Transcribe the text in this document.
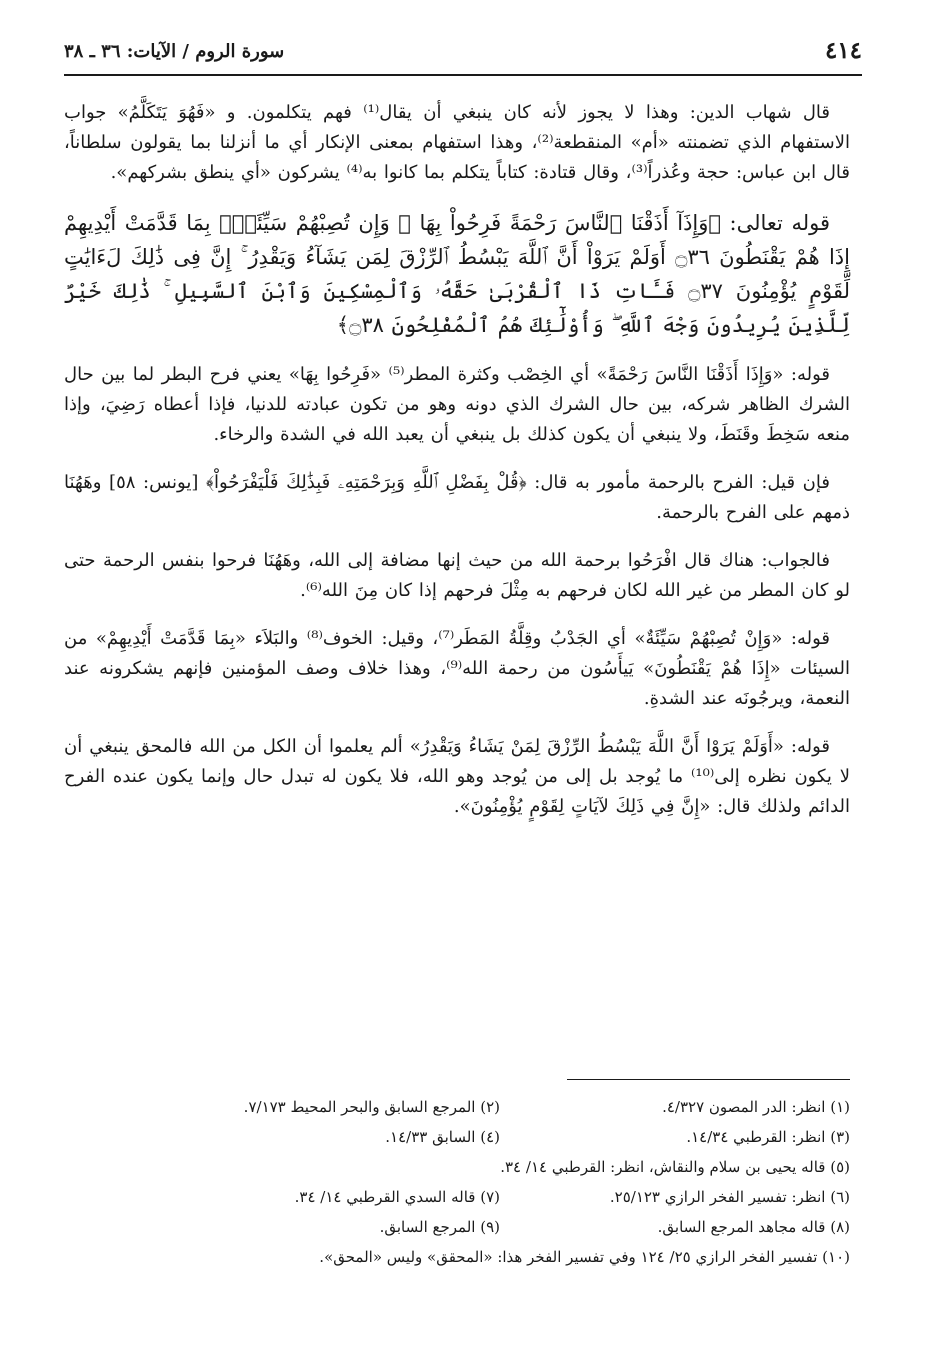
٤١٤
سورة الروم / الآيات: ٣٦ ـ ٣٨

قال شهاب الدين: وهذا لا يجوز لأنه كان ينبغي أن يقال⁽¹⁾ فهم يتكلمون. و «فَهُوَ يَتَكَلَّمُ» جواب الاستفهام الذي تضمنته «أم» المنقطعة⁽²⁾، وهذا استفهام بمعنى الإنكار أي ما أنزلنا بما يقولون سلطاناً، قال ابن عباس: حجة وعُذراً⁽³⁾، وقال قتادة: كتاباً يتكلم بما كانوا به⁽⁴⁾ يشركون «أي ينطق بشركهم».

قوله تعالى: ﴿وَإِذَآ أَذَقْنَا ٱلنَّاسَ رَحْمَةً فَرِحُواْ بِهَا ۖ وَإِن تُصِبْهُمْ سَيِّئَةٌۢ بِمَا قَدَّمَتْ أَيْدِيهِمْ إِذَا هُمْ يَقْنَطُونَ ۝٣٦ أَوَلَمْ يَرَوْاْ أَنَّ ٱللَّهَ يَبْسُطُ ٱلرِّزْقَ لِمَن يَشَآءُ وَيَقْدِرُ ۚ إِنَّ فِى ذَٰلِكَ لَءَايَٰتٍ لِّقَوْمٍ يُؤْمِنُونَ ۝٣٧ فَـَٔاتِ ذَا ٱلْقُرْبَىٰ حَقَّهُۥ وَٱلْمِسْكِينَ وَٱبْنَ ٱلسَّبِيلِ ۚ ذَٰلِكَ خَيْرٌ لِّلَّذِينَ يُرِيدُونَ وَجْهَ ٱللَّهِ ۖ وَأُوْلَٰٓئِكَ هُمُ ٱلْمُفْلِحُونَ ۝٣٨﴾

قوله: «وَإِذَا أَذَقْنَا النَّاسَ رَحْمَةً» أي الخِصْب وكثرة المطر⁽⁵⁾ «فَرِحُوا بِهَا» يعني فرح البطر لما بين حال الشرك الظاهر شركه، بين حال الشرك الذي دونه وهو من تكون عبادته للدنيا، فإذا أعطاه رَضِيَ، وإذا منعه سَخِطَ وقَنَطَ، ولا ينبغي أن يكون كذلك بل ينبغي أن يعبد الله في الشدة والرخاء.

فإن قيل: الفرح بالرحمة مأمور به قال: ﴿قُلْ بِفَضْلِ ٱللَّهِ وَبِرَحْمَتِهِۦ فَبِذَٰلِكَ فَلْيَفْرَحُواْ﴾ [يونس: ٥٨] وهَهُنَا ذمهم على الفرح بالرحمة.

فالجواب: هناك قال افْرَحُوا برحمة الله من حيث إنها مضافة إلى الله، وهَهُنَا فرحوا بنفس الرحمة حتى لو كان المطر من غير الله لكان فرحهم به مِثْلَ فرحهم إذا كان مِنَ الله⁽⁶⁾.

قوله: «وَإِنْ تُصِبْهُمْ سَيِّئَةٌ» أي الجَدْبُ وقِلَّةُ المَطَر⁽⁷⁾، وقيل: الخوف⁽⁸⁾ والبَلاَء «بِمَا قَدَّمَتْ أَيْدِيهِمْ» من السيئات «إِذَا هُمْ يَقْنَطُونَ» يَيأَسُون من رحمة الله⁽⁹⁾، وهذا خلاف وصف المؤمنين فإنهم يشكرونه عند النعمة، ويرجُونَه عند الشدةِ.

قوله: «أَوَلَمْ يَرَوْا أَنَّ اللَّهَ يَبْسُطُ الرِّزْقَ لِمَنْ يَشَاءُ وَيَقْدِرُ» ألم يعلموا أن الكل من الله فالمحق ينبغي أن لا يكون نظره إلى⁽¹⁰⁾ ما يُوجد بل إلى من يُوجد وهو الله، فلا يكون له تبدل حال وإنما يكون عنده الفرح الدائم ولذلك قال: «إِنَّ فِي ذَلِكَ لآيَاتٍ لِقَوْمٍ يُؤْمِنُونَ».

(١) انظر: الدر المصون ٤/٣٢٧.
(٢) المرجع السابق والبحر المحيط ٧/١٧٣.
(٣) انظر: القرطبي ١٤/٣٤.
(٤) السابق ١٤/٣٣.
(٥) قاله يحيى بن سلام والنقاش، انظر: القرطبي ١٤/ ٣٤.
(٦) انظر: تفسير الفخر الرازي ٢٥/١٢٣.
(٧) قاله السدي القرطبي ١٤/ ٣٤.
(٨) قاله مجاهد المرجع السابق.
(٩) المرجع السابق.
(١٠) تفسير الفخر الرازي ٢٥/ ١٢٤ وفي تفسير الفخر هذا: «المحقق» وليس «المحق».
